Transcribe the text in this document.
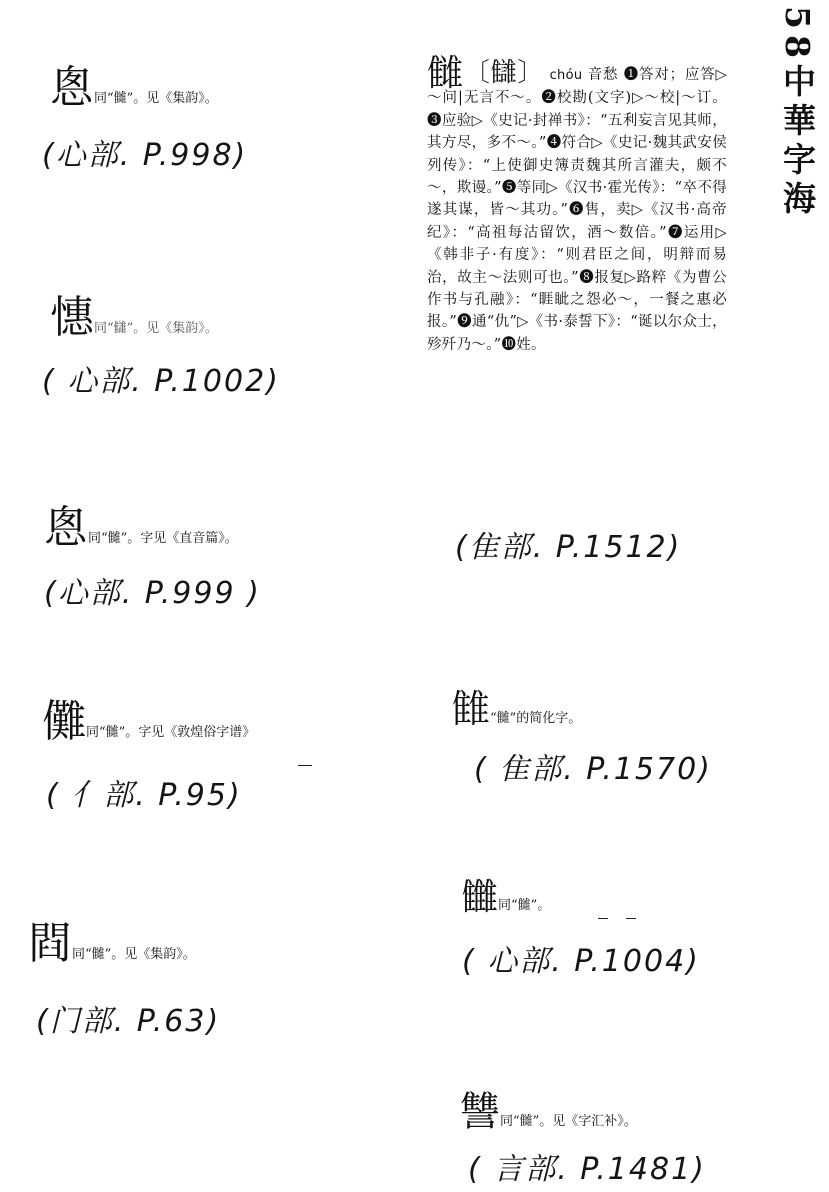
58中華字海
雠〔讎〕 chóu 音愁 ❶答对；应答▷～问|无言不～。❷校勘(文字)▷～校|～订。❸应验▷《史记·封禅书》：“五利妄言见其师，其方尽，多不～。”❹符合▷《史记·魏其武安侯列传》：“上使御史簿责魏其所言灌夫，颇不～，欺谩。”❺等同▷《汉书·霍光传》：“卒不得遂其谋，皆～其功。”❻售，卖▷《汉书·高帝纪》：“高祖每沽留饮，酒～数倍。”❼运用▷《韩非子·有度》：“则君臣之间，明辩而易治，故主～法则可也。”❽报复▷路粹《为曹公作书与孔融》：“睚眦之怨必～，一餐之惠必报。”❾通“仇”▷《书·泰誓下》：“诞以尔众士，殄歼乃～。”❿姓。
(隹部. P.1512)
悤同“雠”。见《集韵》。
(心部. P.998)
憓同“讎”。见《集韵》。
( 心部. P.1002)
悤同“雠”。字见《直音篇》。
(心部. P.999 )
儺同“雠”。字见《敦煌俗字谱》
( 亻部. P.95)
閰同“雠”。见《集韵》。
(门部. P.63)
雔“雠”的简化字。
( 隹部. P.1570)
雦同“雠”。
( 心部. P.1004)
讐同“雠”。见《字汇补》。
( 言部. P.1481)
